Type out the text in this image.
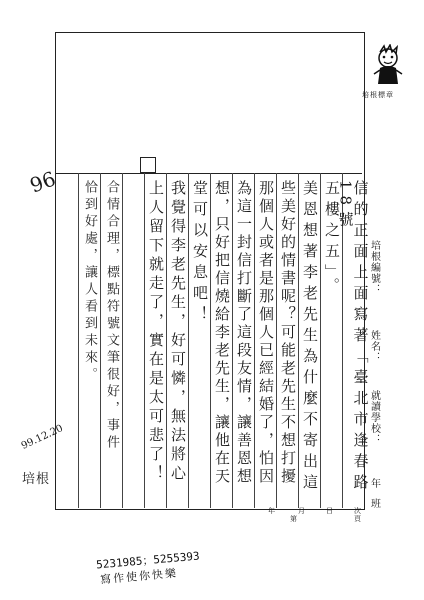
信的正面上面寫著「臺北市逢春路18號
五樓之五」。
美恩想著李老先生為什麼不寄出這
些美好的情書呢？可能老先生不想打擾
那個人或者是那個人已經結婚了，怕因
為這一封信打斷了這段友情，讓善恩想
想，只好把信燒給李老先生，讓他在天
堂可以安息吧！
我覺得李老先生，好可憐，無法將心
上人留下就走了，實在是太可悲了！
合情合理，標點符號文筆很好，事件
恰到好處，讓人看到未來。
96
99.12.20
培根
培根標章
培根編號：
姓名：
就讀學校：
年
班
第	頁
年	月	日	次
5231985；5255393
寫作使你快樂
